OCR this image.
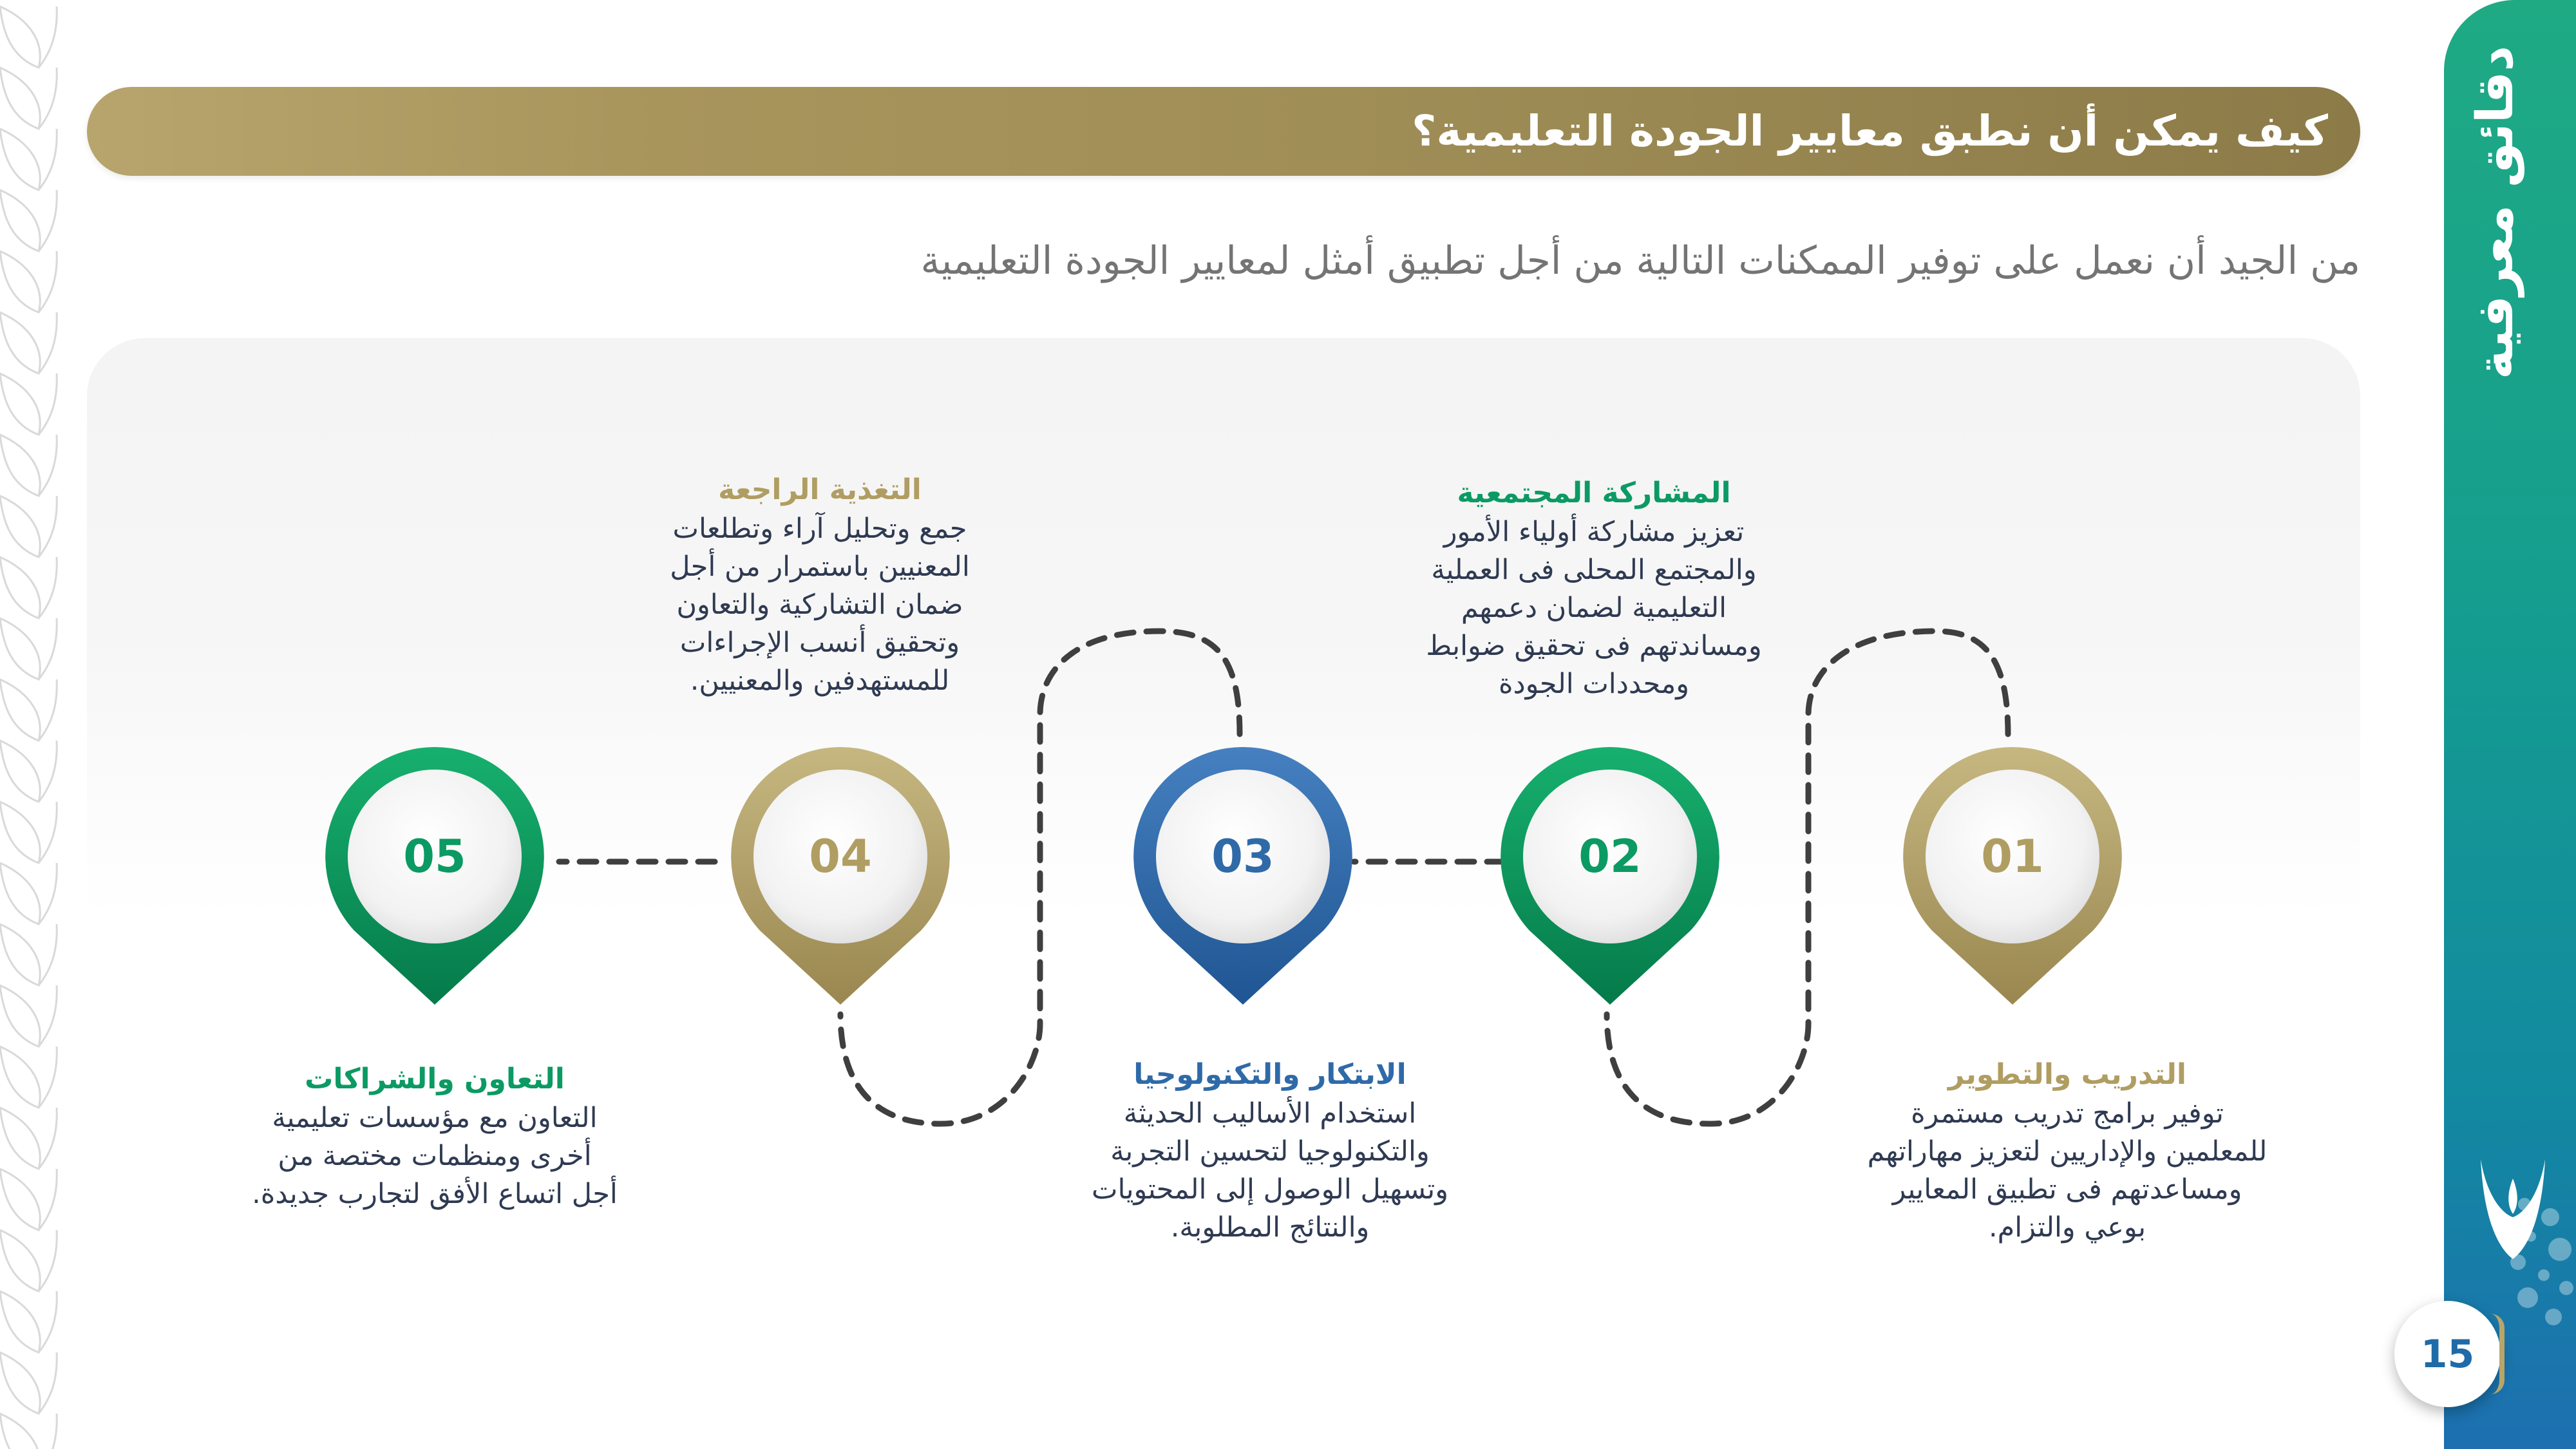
دقائق معرفية
15
كيف يمكن أن نطبق معايير الجودة التعليمية؟
من الجيد أن نعمل على توفير الممكنات التالية من أجل تطبيق أمثل لمعايير الجودة التعليمية
01
02
03
04
05
التدريب والتطوير
توفير برامج تدريب مستمرة
للمعلمين والإداريين لتعزيز مهاراتهم
ومساعدتهم فى تطبيق المعايير
بوعي والتزام.
المشاركة المجتمعية
تعزيز مشاركة أولياء الأمور
والمجتمع المحلى فى العملية
التعليمية لضمان دعمهم
ومساندتهم فى تحقيق ضوابط
ومحددات الجودة
الابتكار والتكنولوجيا
استخدام الأساليب الحديثة
والتكنولوجيا لتحسين التجربة
وتسهيل الوصول إلى المحتويات
والنتائج المطلوبة.
التغذية الراجعة
جمع وتحليل آراء وتطلعات
المعنيين باستمرار من أجل
ضمان التشاركية والتعاون
وتحقيق أنسب الإجراءات
للمستهدفين والمعنيين.
التعاون والشراكات
التعاون مع مؤسسات تعليمية
أخرى ومنظمات مختصة من
أجل اتساع الأفق لتجارب جديدة.
